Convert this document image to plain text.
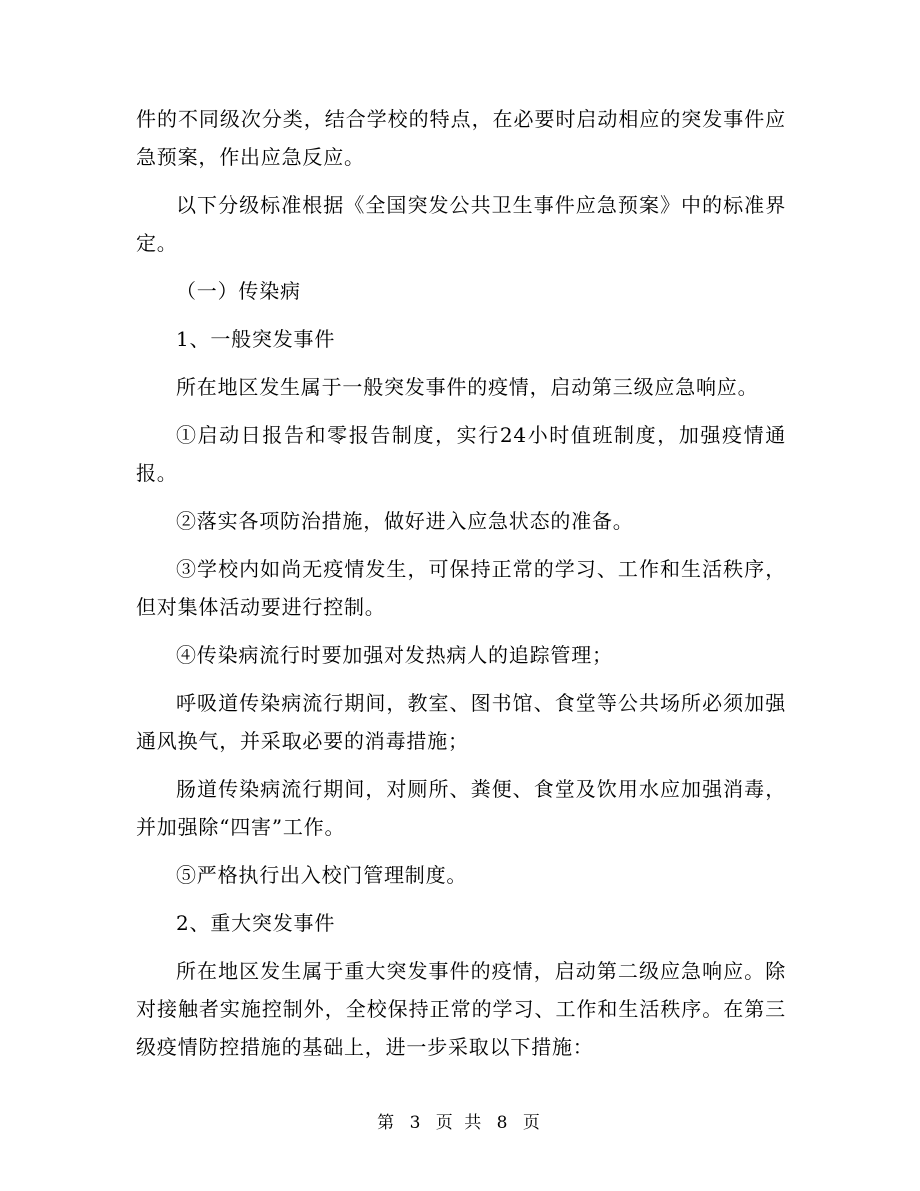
件的不同级次分类，结合学校的特点，在必要时启动相应的突发事件应急预案，作出应急反应。

以下分级标准根据《全国突发公共卫生事件应急预案》中的标准界定。

（一）传染病

1、一般突发事件

所在地区发生属于一般突发事件的疫情，启动第三级应急响应。

①启动日报告和零报告制度，实行24小时值班制度，加强疫情通报。

②落实各项防治措施，做好进入应急状态的准备。

③学校内如尚无疫情发生，可保持正常的学习、工作和生活秩序，但对集体活动要进行控制。

④传染病流行时要加强对发热病人的追踪管理；

呼吸道传染病流行期间，教室、图书馆、食堂等公共场所必须加强通风换气，并采取必要的消毒措施；

肠道传染病流行期间，对厕所、粪便、食堂及饮用水应加强消毒，并加强除“四害”工作。

⑤严格执行出入校门管理制度。

2、重大突发事件

所在地区发生属于重大突发事件的疫情，启动第二级应急响应。除对接触者实施控制外，全校保持正常的学习、工作和生活秩序。在第三级疫情防控措施的基础上，进一步采取以下措施：

第 3 页 共 8 页
